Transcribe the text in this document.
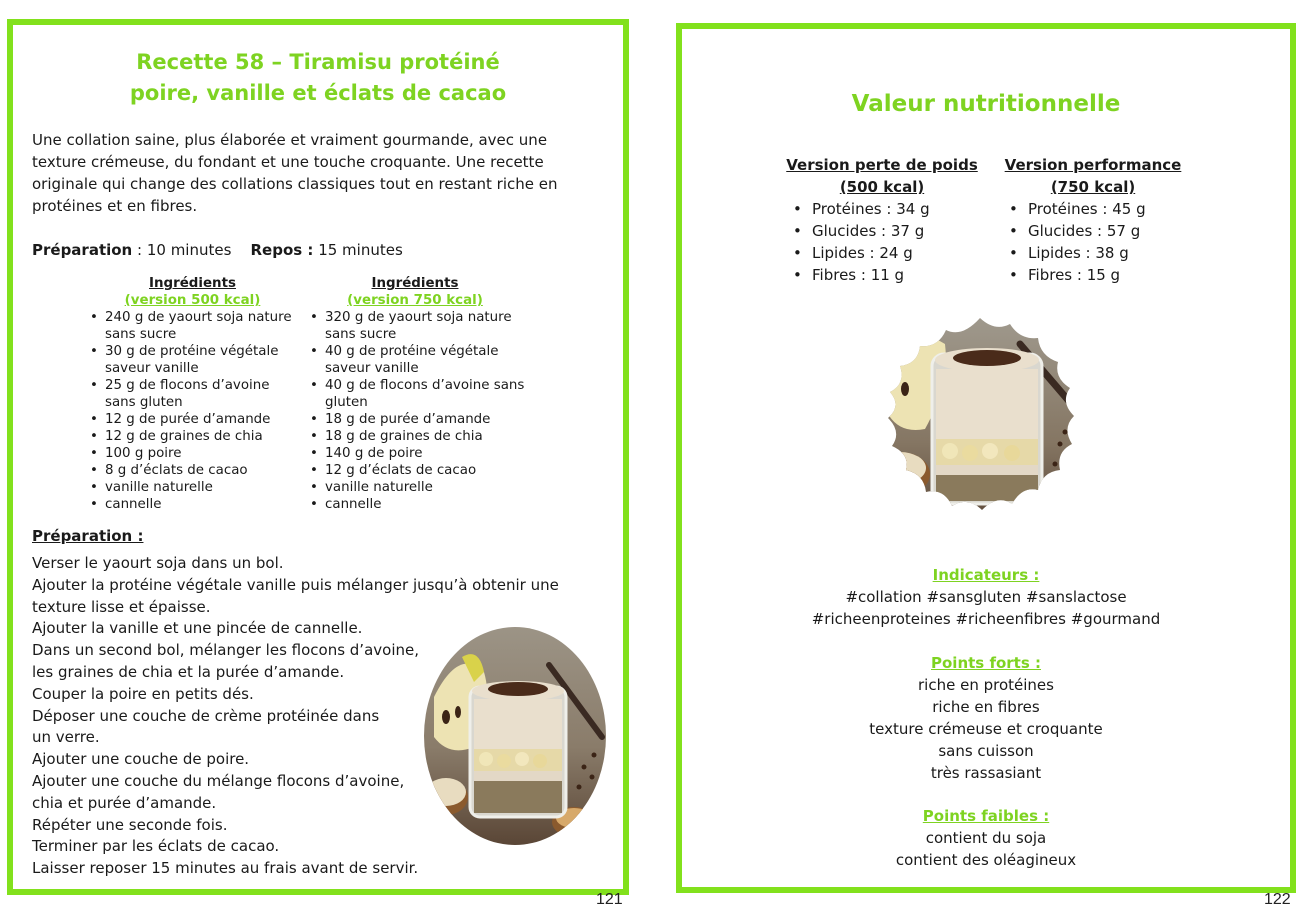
Recette 58 – Tiramisu protéiné
poire, vanille et éclats de cacao

Une collation saine, plus élaborée et vraiment gourmande, avec une texture crémeuse, du fondant et une touche croquante. Une recette originale qui change des collations classiques tout en restant riche en protéines et en fibres.

Préparation : 10 minutes Repos : 15 minutes
Ingrédients
(version 500 kcal)
• 240 g de yaourt soja nature sans sucre
• 30 g de protéine végétale saveur vanille
• 25 g de flocons d’avoine sans gluten
• 12 g de purée d’amande
• 12 g de graines de chia
• 100 g poire
• 8 g d’éclats de cacao
• vanille naturelle
• cannelle
Ingrédients
(version 750 kcal)
• 320 g de yaourt soja nature sans sucre
• 40 g de protéine végétale saveur vanille
• 40 g de flocons d’avoine sans gluten
• 18 g de purée d’amande
• 18 g de graines de chia
• 140 g de poire
• 12 g d’éclats de cacao
• vanille naturelle
• cannelle
Préparation :
Verser le yaourt soja dans un bol.
Ajouter la protéine végétale vanille puis mélanger jusqu’à obtenir une
texture lisse et épaisse.
Ajouter la vanille et une pincée de cannelle.
Dans un second bol, mélanger les flocons d’avoine,
les graines de chia et la purée d’amande.
Couper la poire en petits dés.
Déposer une couche de crème protéinée dans
un verre.
Ajouter une couche de poire.
Ajouter une couche du mélange flocons d’avoine,
chia et purée d’amande.
Répéter une seconde fois.
Terminer par les éclats de cacao.
Laisser reposer 15 minutes au frais avant de servir.
121
Valeur nutritionnelle
Version perte de poids
(500 kcal)
• Protéines : 34 g
• Glucides : 37 g
• Lipides : 24 g
• Fibres : 11 g
Version performance
(750 kcal)
• Protéines : 45 g
• Glucides : 57 g
• Lipides : 38 g
• Fibres : 15 g
Indicateurs :
#collation #sansgluten #sanslactose
#richeenproteines #richeenfibres #gourmand
Points forts :
riche en protéines
riche en fibres
texture crémeuse et croquante
sans cuisson
très rassasiant
Points faibles :
contient du soja
contient des oléagineux
122
